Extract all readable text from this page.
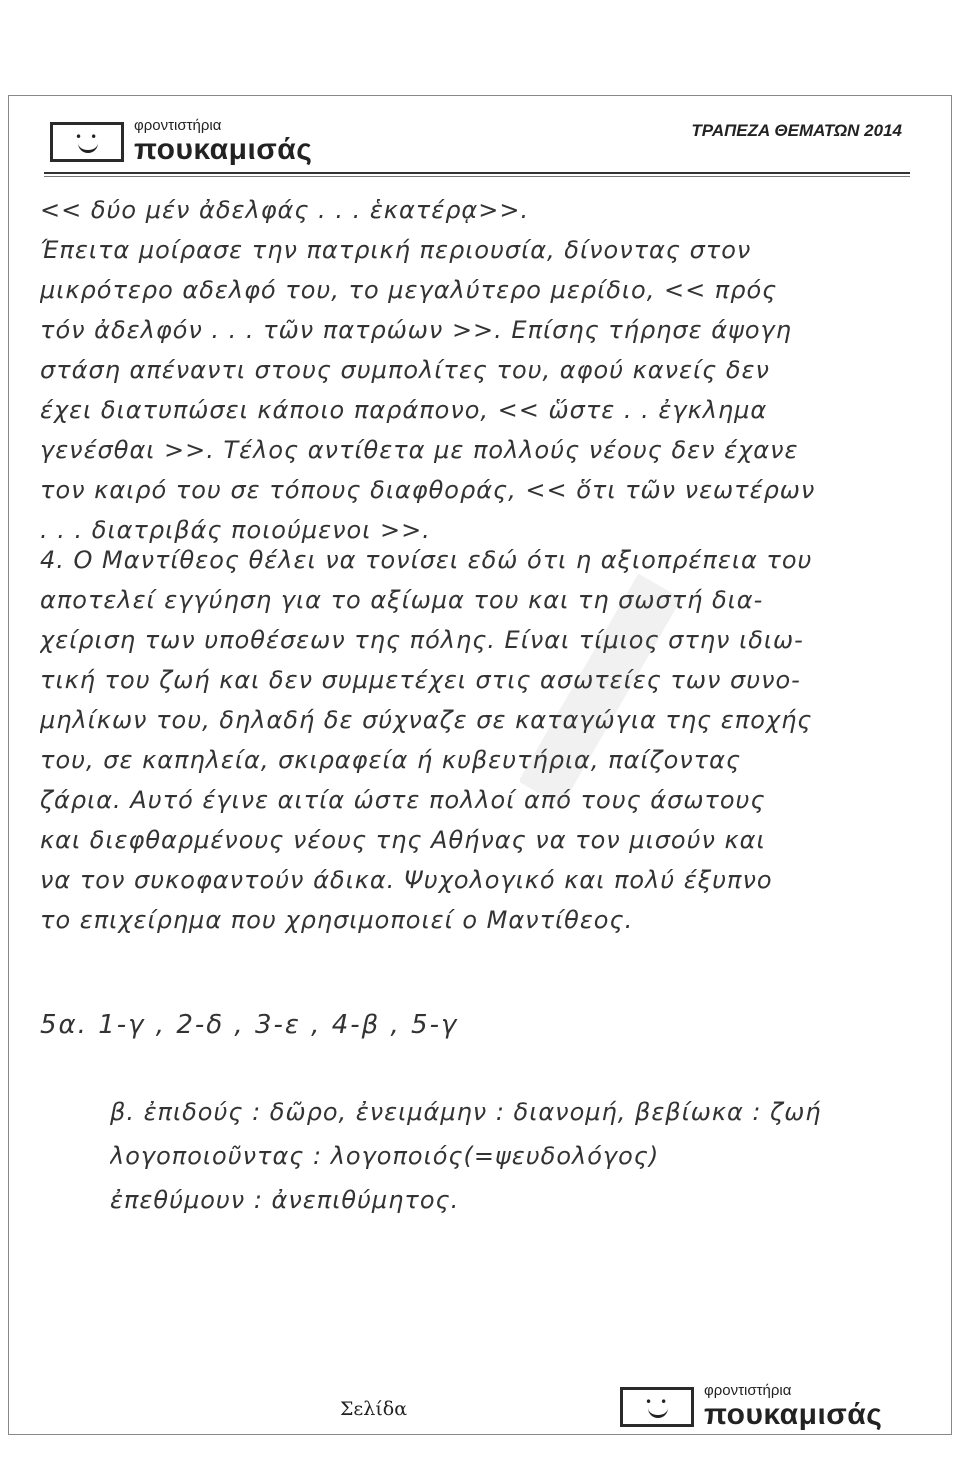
••
φροντιστήρια
πουκαμισάς
ΤΡΑΠΕΖΑ ΘΕΜΑΤΩΝ 2014
<< δύο μέν ἀδελφάς . . . ἑκατέρᾳ>>.
Έπειτα μοίρασε την πατρική περιουσία, δίνοντας στον
μικρότερο αδελφό του, το μεγαλύτερο μερίδιο, << πρός
τόν ἀδελφόν . . . τῶν πατρώων >>. Επίσης τήρησε άψογη
στάση απέναντι στους συμπολίτες του, αφού κανείς δεν
έχει διατυπώσει κάποιο παράπονο, << ὥστε . . ἐγκλημα
γενέσθαι >>. Τέλος αντίθετα με πολλούς νέους δεν έχανε
τον καιρό του σε τόπους διαφθοράς, << ὅτι τῶν νεωτέρων
. . . διατριβάς ποιούμενοι >>.
4. Ο Μαντίθεος θέλει να τονίσει εδώ ότι η αξιοπρέπεια του
αποτελεί εγγύηση για το αξίωμα του και τη σωστή δια-
χείριση των υποθέσεων της πόλης. Είναι τίμιος στην ιδιω-
τική του ζωή και δεν συμμετέχει στις ασωτείες των συνο-
μηλίκων του, δηλαδή δε σύχναζε σε καταγώγια της εποχής
του, σε καπηλεία, σκιραφεία ή κυβευτήρια, παίζοντας
ζάρια. Αυτό έγινε αιτία ώστε πολλοί από τους άσωτους
και διεφθαρμένους νέους της Αθήνας να τον μισούν και
να τον συκοφαντούν άδικα. Ψυχολογικό και πολύ έξυπνο
το επιχείρημα που χρησιμοποιεί ο Μαντίθεος.
5α. 1-γ , 2-δ , 3-ε , 4-β , 5-γ
β. ἐπιδούς : δῶρο, ἐνειμάμην : διανομή, βεβίωκα : ζωή
λογοποιοῦντας : λογοποιός(=ψευδολόγος)
ἐπεθύμουν : ἀνεπιθύμητος.
Σελίδα	••
φροντιστήρια
πουκαμισάς
